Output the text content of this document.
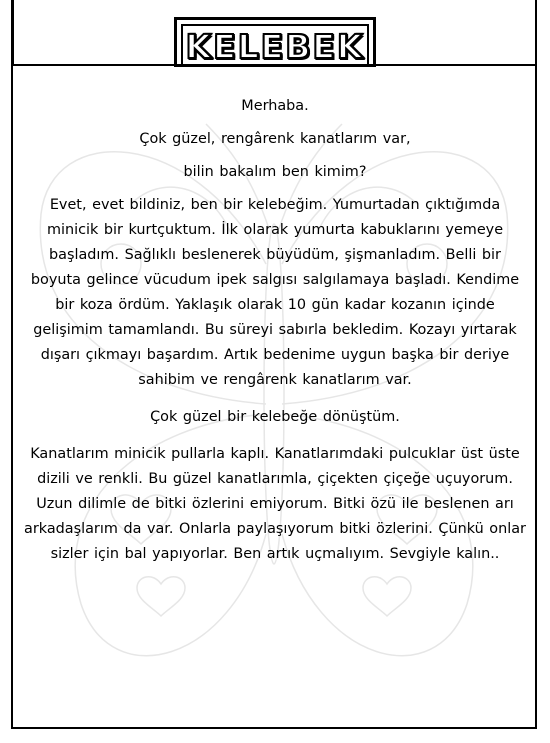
KELEBEK

Merhaba.

Çok güzel, rengârenk kanatlarım var,

bilin bakalım ben kimim?

Evet, evet bildiniz, ben bir kelebeğim. Yumurtadan çıktığımda minicik bir kurtçuktum. İlk olarak yumurta kabuklarını yemeye başladım. Sağlıklı beslenerek büyüdüm, şişmanladım. Belli bir boyuta gelince vücudum ipek salgısı salgılamaya başladı. Kendime bir koza ördüm. Yaklaşık olarak 10 gün kadar kozanın içinde gelişimim tamamlandı. Bu süreyi sabırla bekledim. Kozayı yırtarak dışarı çıkmayı başardım. Artık bedenime uygun başka bir deriye sahibim ve rengârenk kanatlarım var.

Çok güzel bir kelebeğe dönüştüm.

Kanatlarım minicik pullarla kaplı. Kanatlarımdaki pulcuklar üst üste dizili ve renkli. Bu güzel kanatlarımla, çiçekten çiçeğe uçuyorum. Uzun dilimle de bitki özlerini emiyorum. Bitki özü ile beslenen arı arkadaşlarım da var. Onlarla paylaşıyorum bitki özlerini. Çünkü onlar sizler için bal yapıyorlar. Ben artık uçmalıyım. Sevgiyle kalın..
